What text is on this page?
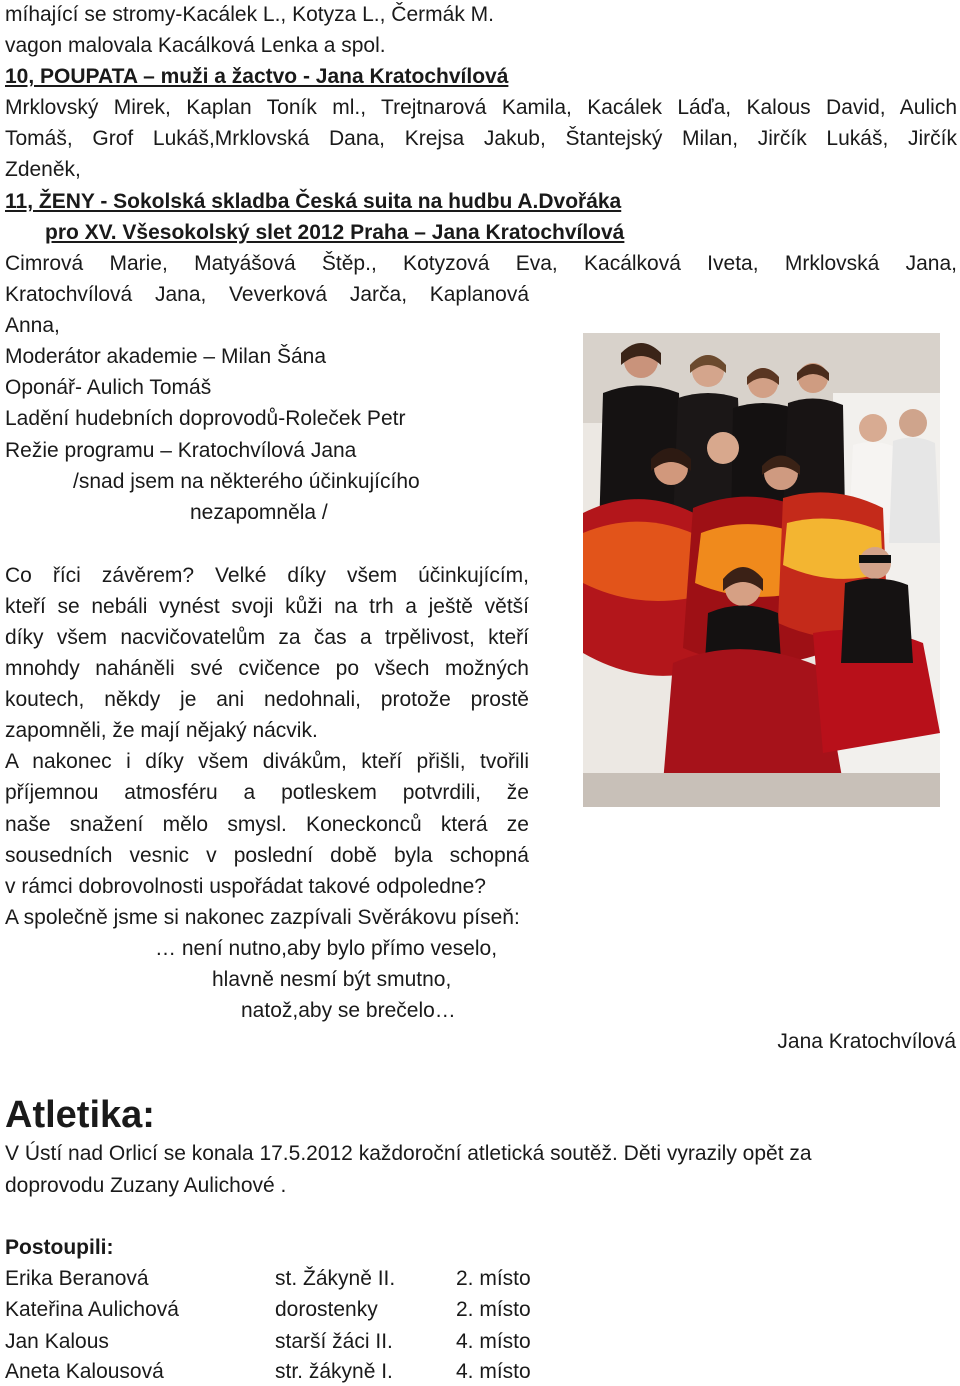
míhající se stromy-Kacálek L., Kotyza L., Čermák M.
vagon malovala Kacálková Lenka a spol.
10, POUPATA – muži a žactvo - Jana Kratochvílová
Mrklovský Mirek, Kaplan Toník ml., Trejtnarová Kamila, Kacálek Láďa, Kalous David, Aulich
Tomáš, Grof Lukáš,Mrklovská Dana, Krejsa Jakub, Štantejský Milan, Jirčík Lukáš, Jirčík
Zdeněk,
11, ŽENY - Sokolská skladba Česká suita na hudbu A.Dvořáka
pro XV. Všesokolský slet 2012 Praha – Jana Kratochvílová
Cimrová Marie, Matyášová Štěp., Kotyzová Eva, Kacálková Iveta, Mrklovská Jana,
Kratochvílová Jana, Veverková Jarča, Kaplanová
Anna,
Moderátor akademie – Milan Šána
Oponář- Aulich Tomáš
Ladění hudebních doprovodů-Roleček Petr
Režie programu – Kratochvílová Jana
/snad jsem na některého účinkujícího
nezapomněla /
Co říci závěrem? Velké díky všem účinkujícím,
kteří se nebáli vynést svoji kůži na trh a ještě větší
díky všem nacvičovatelům za čas a trpělivost, kteří
mnohdy naháněli své cvičence po všech možných
koutech, někdy je ani nedohnali, protože prostě
zapomněli, že mají nějaký nácvik.
A nakonec i díky všem divákům, kteří přišli, tvořili
příjemnou atmosféru a potleskem potvrdili, že
naše snažení mělo smysl. Koneckonců která ze
sousedních vesnic v poslední době byla schopná
v rámci dobrovolnosti uspořádat takové odpoledne?
A společně jsme si nakonec zazpívali Svěrákovu píseň:
… není nutno,aby bylo přímo veselo,
hlavně nesmí být smutno,
natož,aby se brečelo…
Jana Kratochvílová
Atletika:
V Ústí nad Orlicí se konala 17.5.2012 každoroční atletická soutěž. Děti vyrazily opět za
doprovodu Zuzany Aulichové .
Postoupili:
Erika Beranová	st. Žákyně II.	2. místo
Kateřina Aulichová	dorostenky	2. místo
Jan Kalous	starší žáci II.	4. místo
Aneta Kalousová	str. žákyně I.	4. místo
